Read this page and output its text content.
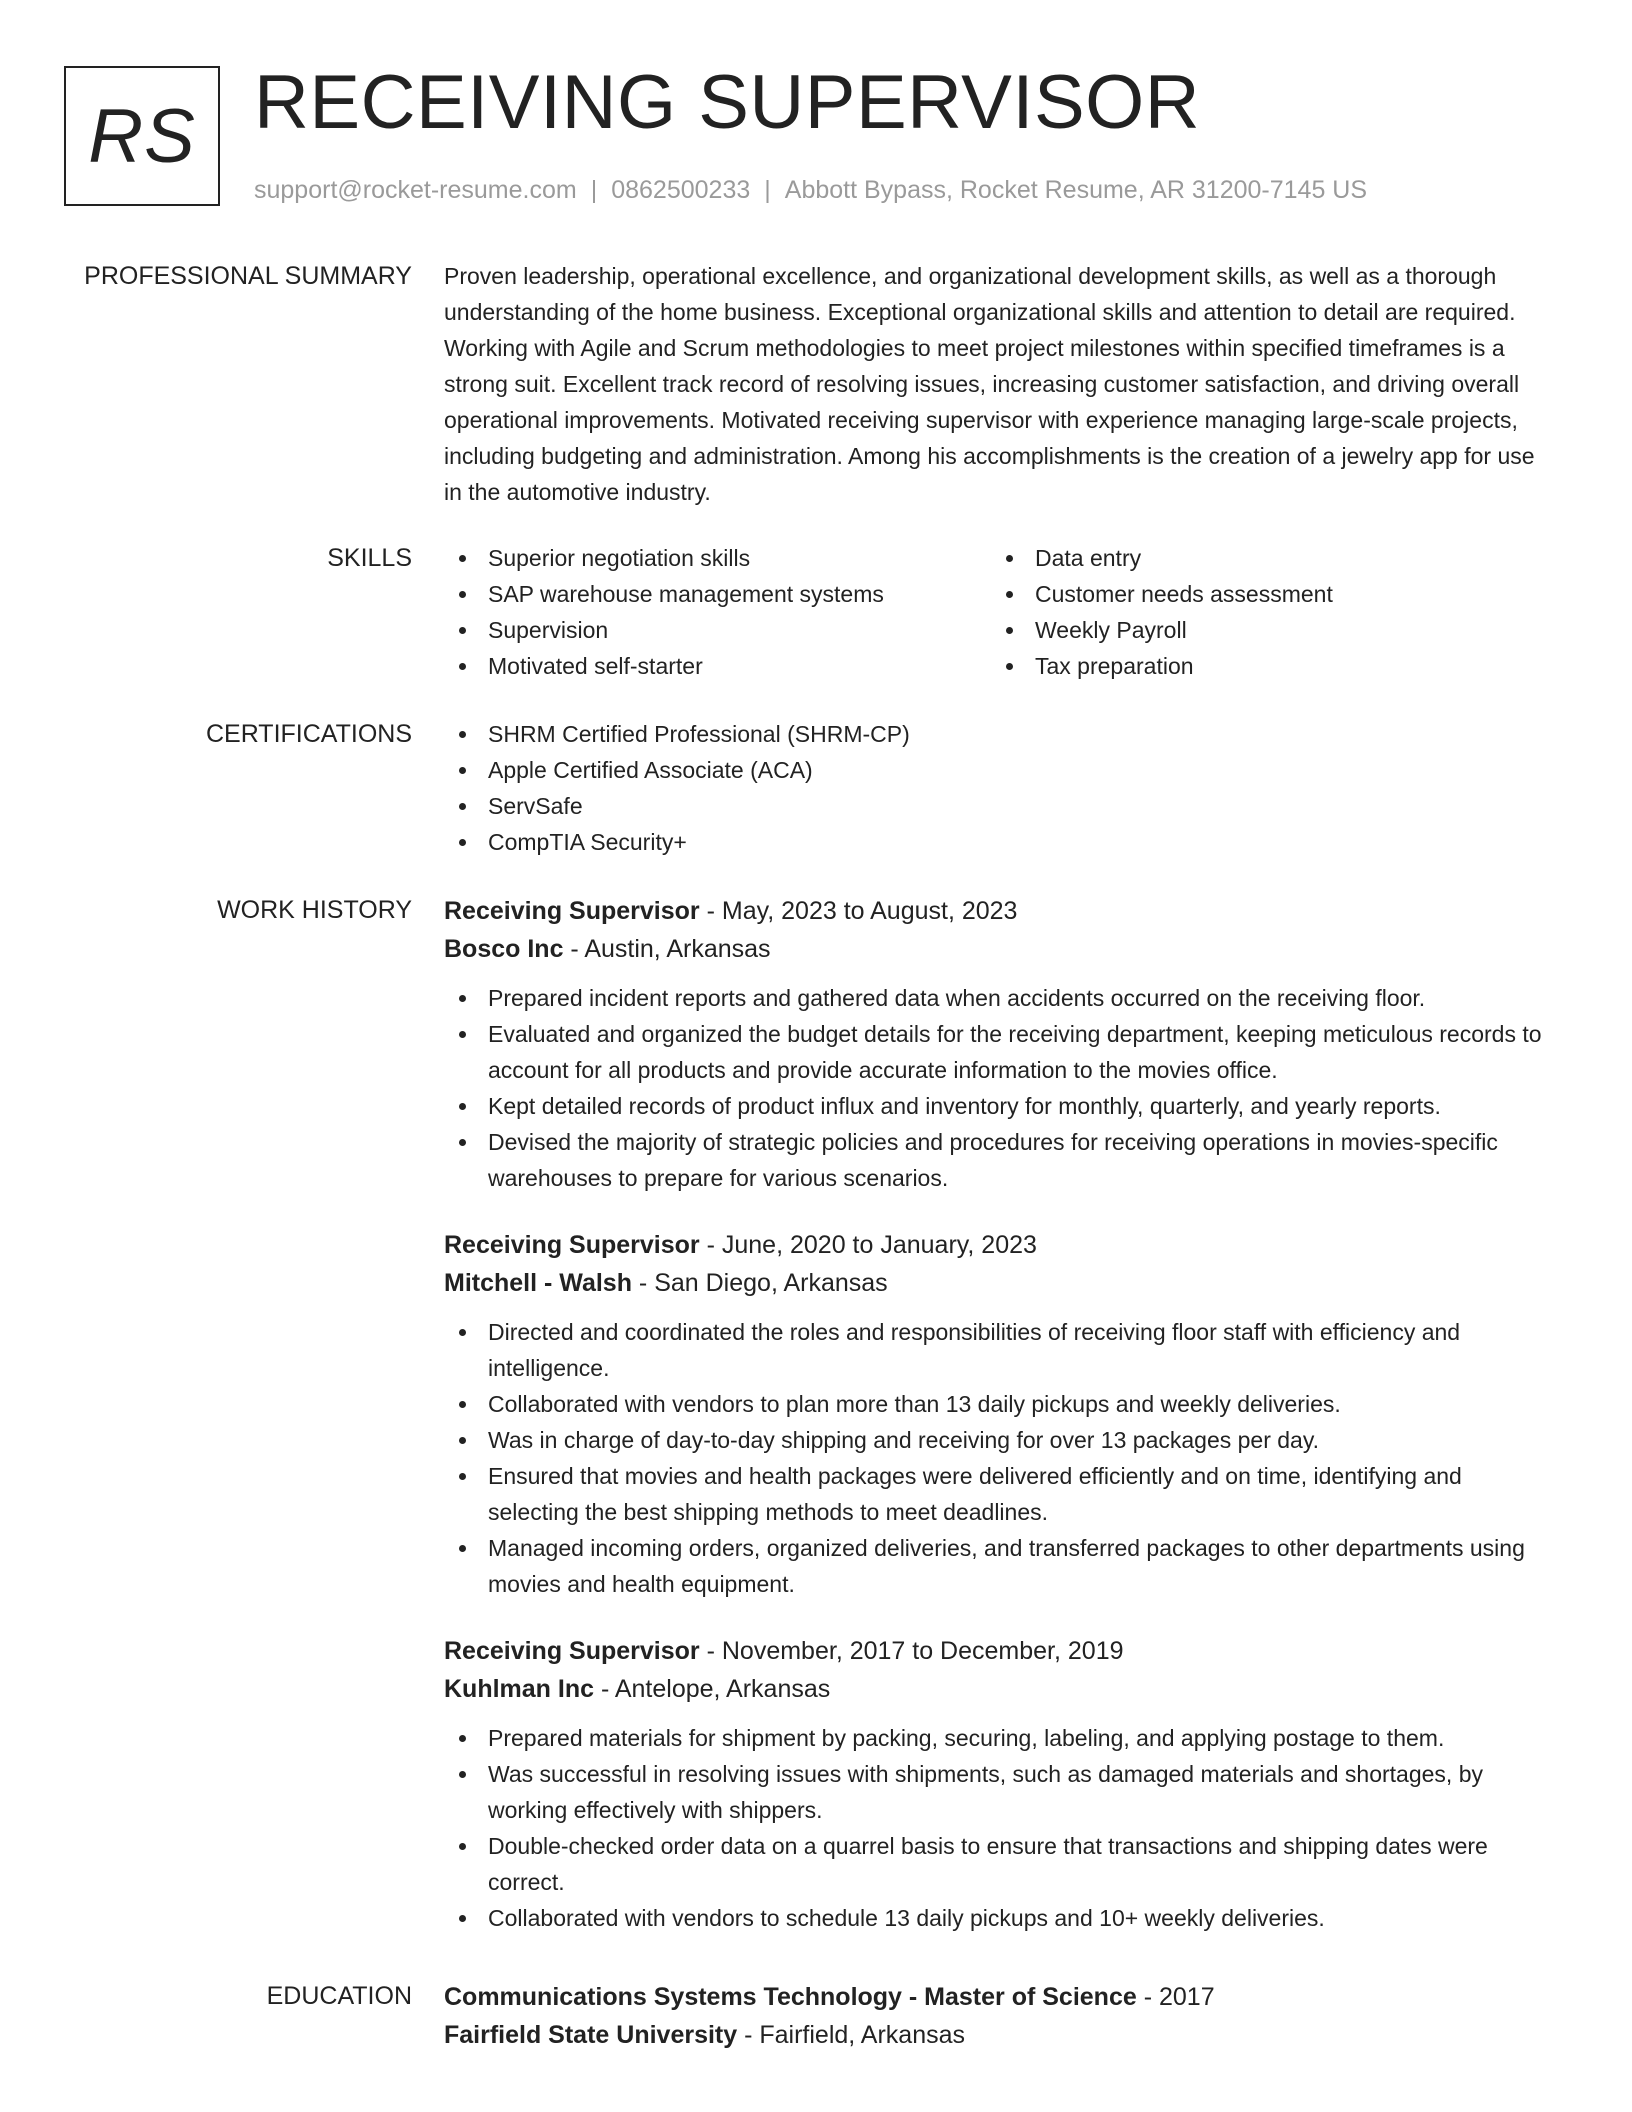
RS RECEIVING SUPERVISOR
support@rocket-resume.com | 0862500233 | Abbott Bypass, Rocket Resume, AR 31200-7145 US
PROFESSIONAL SUMMARY Proven leadership, operational excellence, and organizational development skills, as well as a thorough understanding of the home business. Exceptional organizational skills and attention to detail are required. Working with Agile and Scrum methodologies to meet project milestones within specified timeframes is a strong suit. Excellent track record of resolving issues, increasing customer satisfaction, and driving overall operational improvements. Motivated receiving supervisor with experience managing large-scale projects, including budgeting and administration. Among his accomplishments is the creation of a jewelry app for use in the automotive industry.

SKILLS	Superior negotiation skills
SAP warehouse management systems
Supervision
Motivated self-starter
Data entry
Customer needs assessment
Weekly Payroll
Tax preparation
CERTIFICATIONS	SHRM Certified Professional (SHRM-CP)
Apple Certified Associate (ACA)
ServSafe
CompTIA Security+
WORK HISTORY Receiving Supervisor - May, 2023 to August, 2023
Bosco Inc - Austin, Arkansas
Prepared incident reports and gathered data when accidents occurred on the receiving floor.
Evaluated and organized the budget details for the receiving department, keeping meticulous records to account for all products and provide accurate information to the movies office.
Kept detailed records of product influx and inventory for monthly, quarterly, and yearly reports.
Devised the majority of strategic policies and procedures for receiving operations in movies-specific warehouses to prepare for various scenarios.
Receiving Supervisor - June, 2020 to January, 2023
Mitchell - Walsh - San Diego, Arkansas
Directed and coordinated the roles and responsibilities of receiving floor staff with efficiency and intelligence.
Collaborated with vendors to plan more than 13 daily pickups and weekly deliveries.
Was in charge of day-to-day shipping and receiving for over 13 packages per day.
Ensured that movies and health packages were delivered efficiently and on time, identifying and selecting the best shipping methods to meet deadlines.
Managed incoming orders, organized deliveries, and transferred packages to other departments using movies and health equipment.
Receiving Supervisor - November, 2017 to December, 2019
Kuhlman Inc - Antelope, Arkansas
Prepared materials for shipment by packing, securing, labeling, and applying postage to them.
Was successful in resolving issues with shipments, such as damaged materials and shortages, by working effectively with shippers.
Double-checked order data on a quarrel basis to ensure that transactions and shipping dates were correct.
Collaborated with vendors to schedule 13 daily pickups and 10+ weekly deliveries.
EDUCATION Communications Systems Technology - Master of Science - 2017
Fairfield State University - Fairfield, Arkansas
